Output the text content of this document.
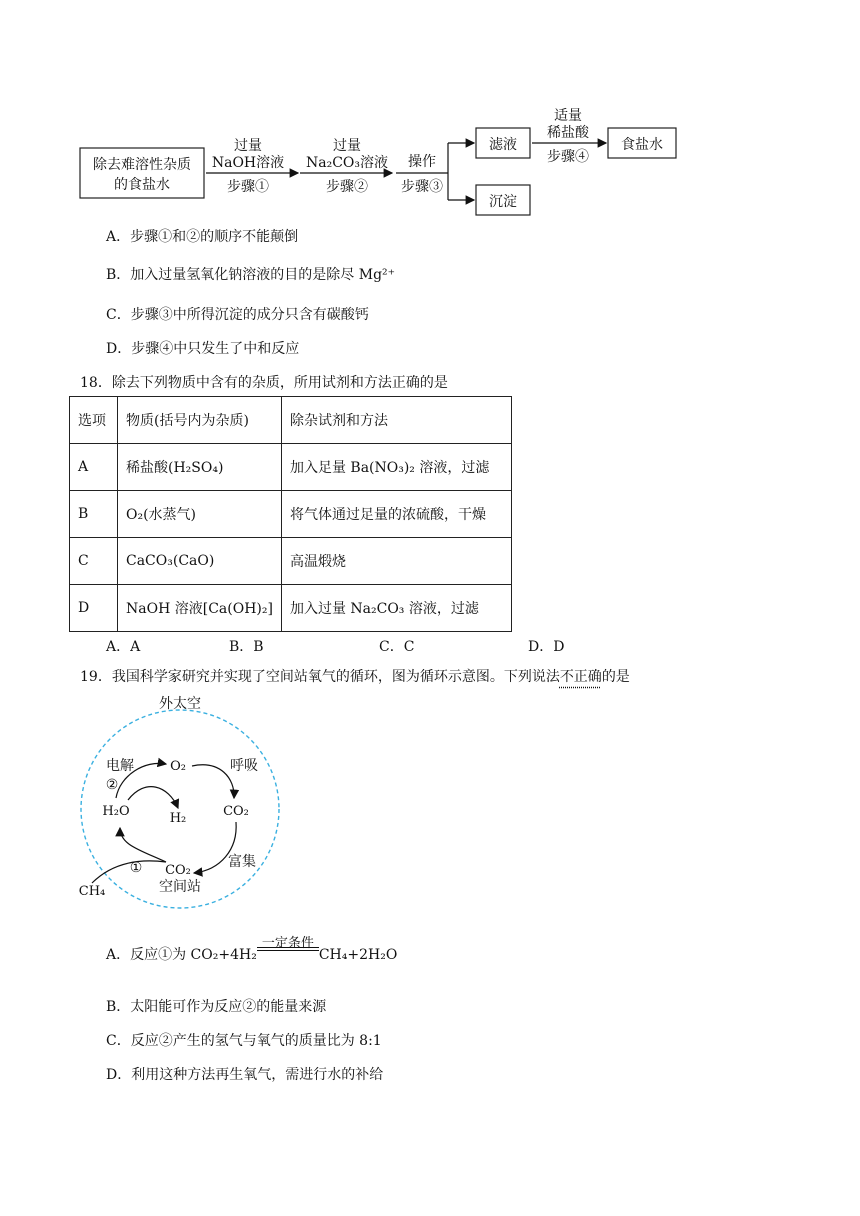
除去难溶性杂质
的食盐水
过量
NaOH溶液
步骤①
过量
Na₂CO₃溶液
步骤②
操作
步骤③
滤液
沉淀
适量
稀盐酸
步骤④
食盐水
A．步骤①和②的顺序不能颠倒
B．加入过量氢氧化钠溶液的目的是除尽 Mg²⁺
C．步骤③中所得沉淀的成分只含有碳酸钙
D．步骤④中只发生了中和反应
18．除去下列物质中含有的杂质，所用试剂和方法正确的是
选项	物质(括号内为杂质)	除杂试剂和方法
A	稀盐酸(H₂SO₄)	加入足量 Ba(NO₃)₂ 溶液，过滤
B	O₂(水蒸气)	将气体通过足量的浓硫酸，干燥
C	CaCO₃(CaO)	高温煅烧
D	NaOH 溶液[Ca(OH)₂]	加入过量 Na₂CO₃ 溶液，过滤
A．A	B．B	C．C	D．D
19．我国科学家研究并实现了空间站氧气的循环，图为循环示意图。下列说法不正确的是
外太空
电解
②
O₂	呼吸
H₂O	H₂	CO₂
富集
① CO₂
空间站
CH₄
A．反应①为 CO₂+4H₂
一定条件
CH₄+2H₂O
B．太阳能可作为反应②的能量来源
C．反应②产生的氢气与氧气的质量比为 8:1
D．利用这种方法再生氧气，需进行水的补给
